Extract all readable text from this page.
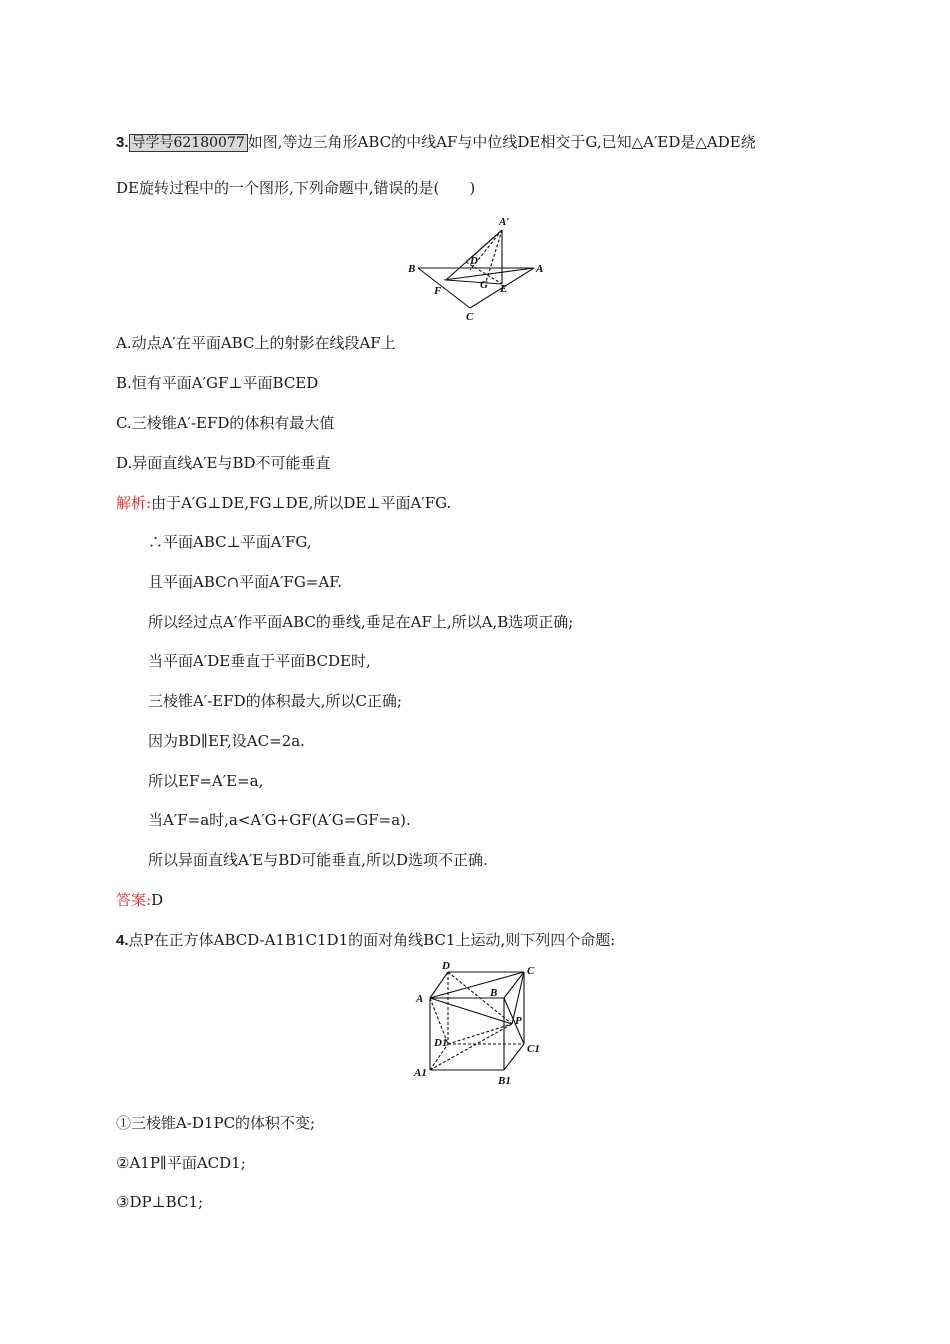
3. 导学号62180077 如图,等边三角形ABC的中线AF与中位线DE相交于G,已知△A′ED是△ADE绕
DE旋转过程中的一个图形,下列命题中,错误的是(　　)
A′
B
D
A
G
F	E
C
A.动点A′在平面ABC上的射影在线段AF上
B.恒有平面A′GF⊥平面BCED
C.三棱锥A′-EFD的体积有最大值
D.异面直线A′E与BD不可能垂直
解析:由于A′G⊥DE,FG⊥DE,所以DE⊥平面A′FG.
∴平面ABC⊥平面A′FG,
且平面ABC∩平面A′FG=AF.
所以经过点A′作平面ABC的垂线,垂足在AF上,所以A,B选项正确;
当平面A′DE垂直于平面BCDE时,
三棱锥A′-EFD的体积最大,所以C正确;
因为BD∥EF,设AC=2a.
所以EF=A′E=a,
当A′F=a时,a<A′G+GF(A′G=GF=a).
所以异面直线A′E与BD可能垂直,所以D选项不正确.
答案:D
4.点P在正方体ABCD-A1B1C1D1的面对角线BC1上运动,则下列四个命题:
D	C
A	B
P
D1	C1
A1
B1
①三棱锥A-D1PC的体积不变;
②A1P∥平面ACD1;
③DP⊥BC1;
